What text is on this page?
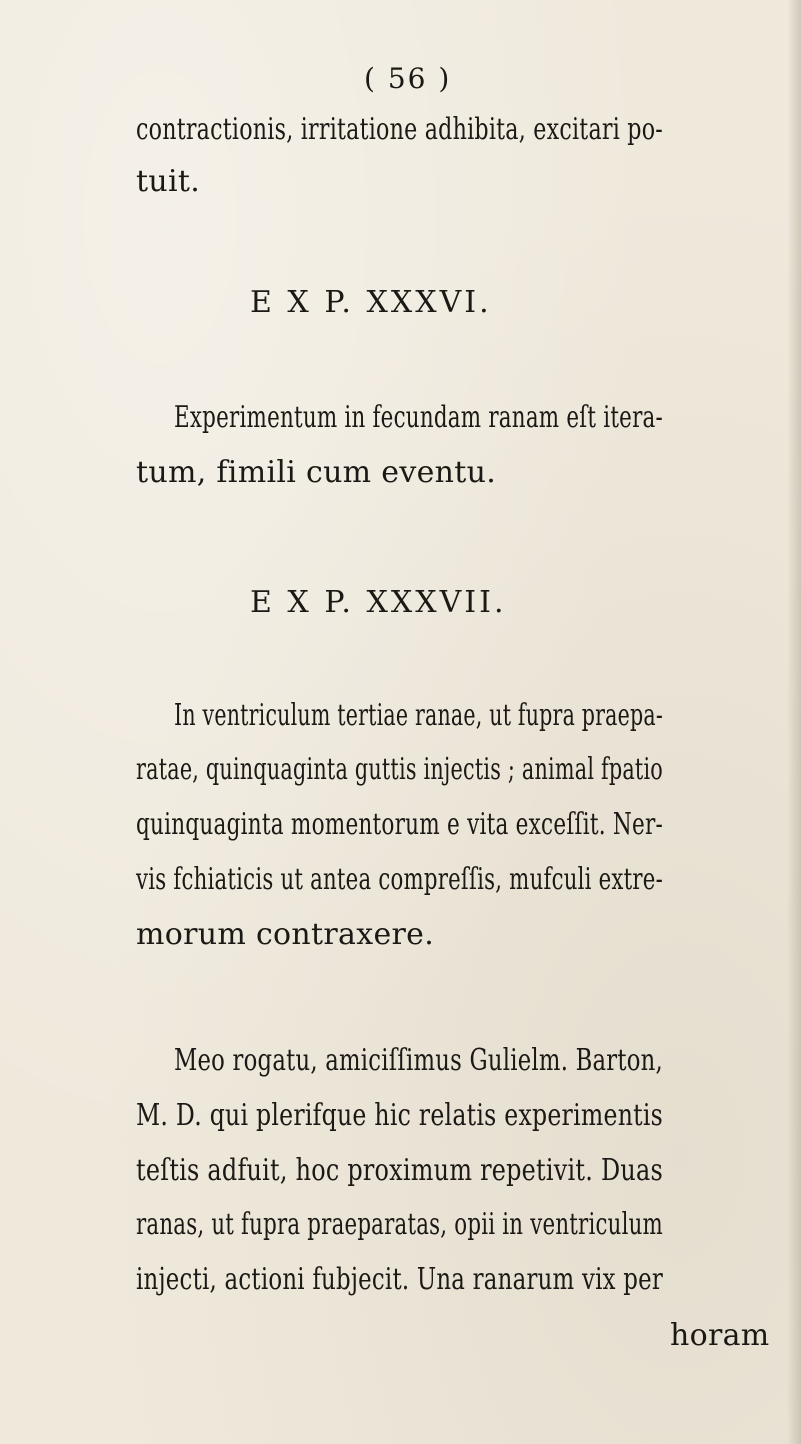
( 56 )
contractionis, irritatione adhibita, excitari po-
tuit.
E X P. XXXVI.
Experimentum in fecundam ranam eſt itera-
tum, fimili cum eventu.
E X P. XXXVII.
In ventriculum tertiae ranae, ut fupra praepa-
ratae, quinquaginta guttis injectis ; animal fpatio
quinquaginta momentorum e vita exceſſit. Ner-
vis fchiaticis ut antea compreſſis, mufculi extre-
morum contraxere.
Meo rogatu, amiciſſimus Gulielm. Barton,
M. D. qui plerifque hic relatis experimentis
teſtis adfuit, hoc proximum repetivit. Duas
ranas, ut fupra praeparatas, opii in ventriculum
injecti, actioni fubjecit. Una ranarum vix per
horam
